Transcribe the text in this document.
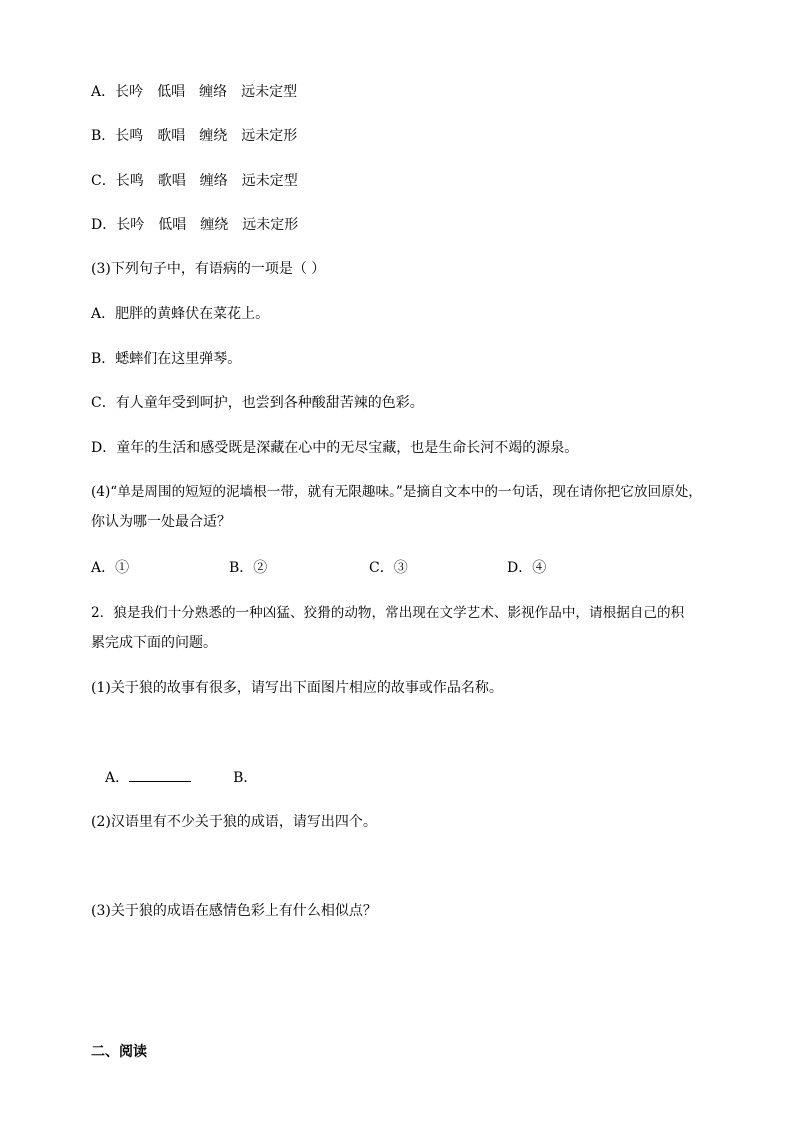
A．长吟 低唱 缠络 远未定型
B．长鸣 歌唱 缠绕 远未定形
C．长鸣 歌唱 缠络 远未定型
D．长吟 低唱 缠绕 远未定形
(3)下列句子中，有语病的一项是（ ）
A．肥胖的黄蜂伏在菜花上。
B．蟋蟀们在这里弹琴。
C．有人童年受到呵护，也尝到各种酸甜苦辣的色彩。
D．童年的生活和感受既是深藏在心中的无尽宝藏，也是生命长河不竭的源泉。
(4)“单是周围的短短的泥墙根一带，就有无限趣味。”是摘自文本中的一句话，现在请你把它放回原处，
你认为哪一处最合适？
A．①	B．②	C．③	D．④
2．狼是我们十分熟悉的一种凶猛、狡猾的动物，常出现在文学艺术、影视作品中，请根据自己的积
累完成下面的问题。
(1)关于狼的故事有很多，请写出下面图片相应的故事或作品名称。
A．	B．
(2)汉语里有不少关于狼的成语，请写出四个。
(3)关于狼的成语在感情色彩上有什么相似点？
二、阅读
